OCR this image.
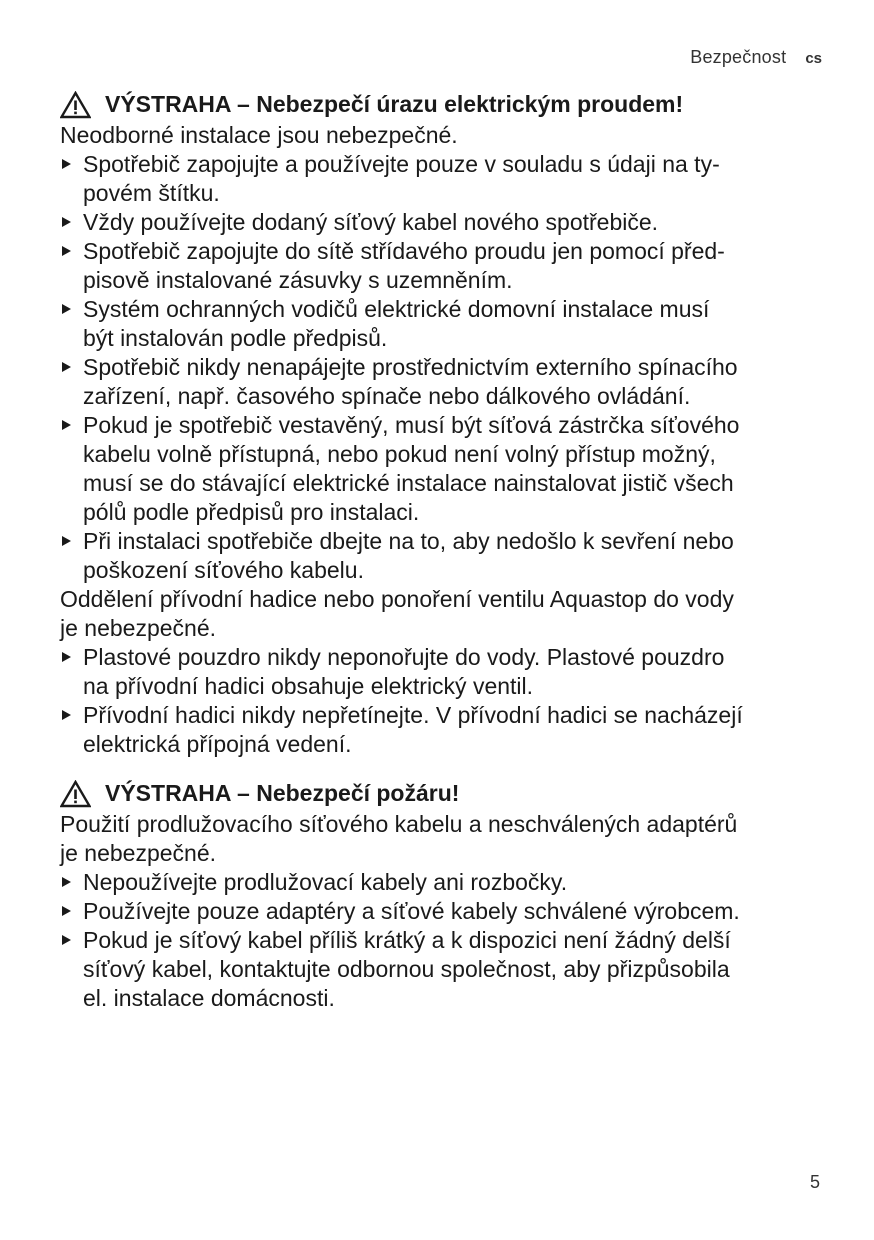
Bezpečnost cs
VÝSTRAHA – Nebezpečí úrazu elektrickým proudem!

Neodborné instalace jsou nebezpečné.

Spotřebič zapojujte a používejte pouze v souladu s údaji na ty-
povém štítku.
Vždy používejte dodaný síťový kabel nového spotřebiče.
Spotřebič zapojujte do sítě střídavého proudu jen pomocí před-
pisově instalované zásuvky s uzemněním.
Systém ochranných vodičů elektrické domovní instalace musí
být instalován podle předpisů.
Spotřebič nikdy nenapájejte prostřednictvím externího spínacího
zařízení, např. časového spínače nebo dálkového ovládání.
Pokud je spotřebič vestavěný, musí být síťová zástrčka síťového
kabelu volně přístupná, nebo pokud není volný přístup možný,
musí se do stávající elektrické instalace nainstalovat jistič všech
pólů podle předpisů pro instalaci.
Při instalaci spotřebiče dbejte na to, aby nedošlo k sevření nebo
poškození síťového kabelu.

Oddělení přívodní hadice nebo ponoření ventilu Aquastop do vody
je nebezpečné.

Plastové pouzdro nikdy neponořujte do vody. Plastové pouzdro
na přívodní hadici obsahuje elektrický ventil.
Přívodní hadici nikdy nepřetínejte. V přívodní hadici se nacházejí
elektrická přípojná vedení.
VÝSTRAHA – Nebezpečí požáru!

Použití prodlužovacího síťového kabelu a neschválených adaptérů
je nebezpečné.

Nepoužívejte prodlužovací kabely ani rozbočky.
Používejte pouze adaptéry a síťové kabely schválené výrobcem.
Pokud je síťový kabel příliš krátký a k dispozici není žádný delší
síťový kabel, kontaktujte odbornou společnost, aby přizpůsobila
el. instalace domácnosti.
5
